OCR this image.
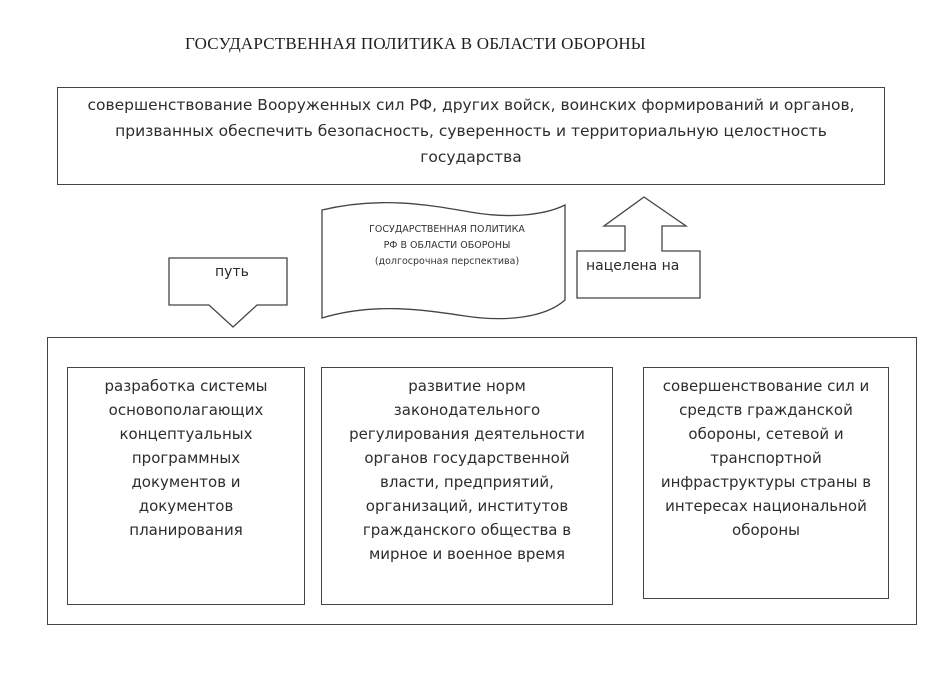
ГОСУДАРСТВЕННАЯ ПОЛИТИКА В ОБЛАСТИ ОБОРОНЫ
совершенствование Вооруженных сил РФ, других войск, воинских формирований и органов, призванных обеспечить безопасность, суверенность и территориальную целостность государства
ГОСУДАРСТВЕННАЯ ПОЛИТИКА
РФ В ОБЛАСТИ ОБОРОНЫ
(долгосрочная перспектива)
путь	нацелена на
разработка системы основополагающих концептуальных программных документов и документов планирования
развитие норм законодательного регулирования деятельности органов государственной власти, предприятий, организаций, институтов гражданского общества в мирное и военное время
совершенствование сил и средств гражданской обороны, сетевой и транспортной инфраструктуры страны в интересах национальной обороны
